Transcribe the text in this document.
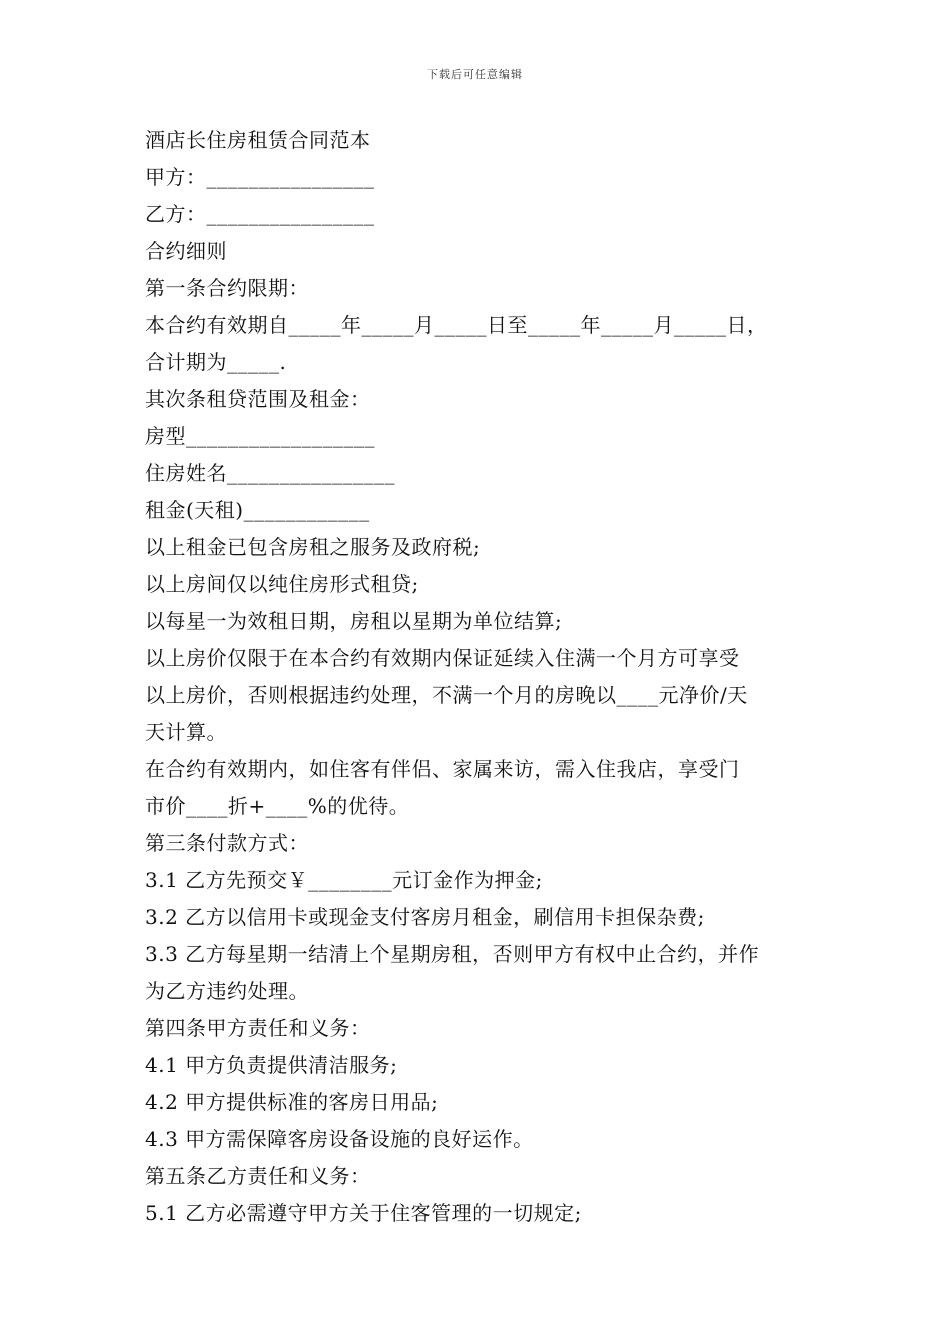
下载后可任意编辑
酒店长住房租赁合同范本
甲方：________________
乙方：________________
合约细则
第一条合约限期：
本合约有效期自_____年_____月_____日至_____年_____月_____日，
合计期为_____.
其次条租贷范围及租金：
房型__________________
住房姓名________________
租金(天租)____________
以上租金已包含房租之服务及政府税;
以上房间仅以纯住房形式租贷;
以每星一为效租日期，房租以星期为单位结算;
以上房价仅限于在本合约有效期内保证延续入住满一个月方可享受
以上房价，否则根据违约处理，不满一个月的房晚以____元净价/天
天计算。
在合约有效期内，如住客有伴侣、家属来访，需入住我店，享受门
市价____折+____%的优待。
第三条付款方式：
3.1 乙方先预交￥________元订金作为押金;
3.2 乙方以信用卡或现金支付客房月租金，刷信用卡担保杂费;
3.3 乙方每星期一结清上个星期房租，否则甲方有权中止合约，并作
为乙方违约处理。
第四条甲方责任和义务：
4.1 甲方负责提供清洁服务;
4.2 甲方提供标准的客房日用品;
4.3 甲方需保障客房设备设施的良好运作。
第五条乙方责任和义务：
5.1 乙方必需遵守甲方关于住客管理的一切规定;
